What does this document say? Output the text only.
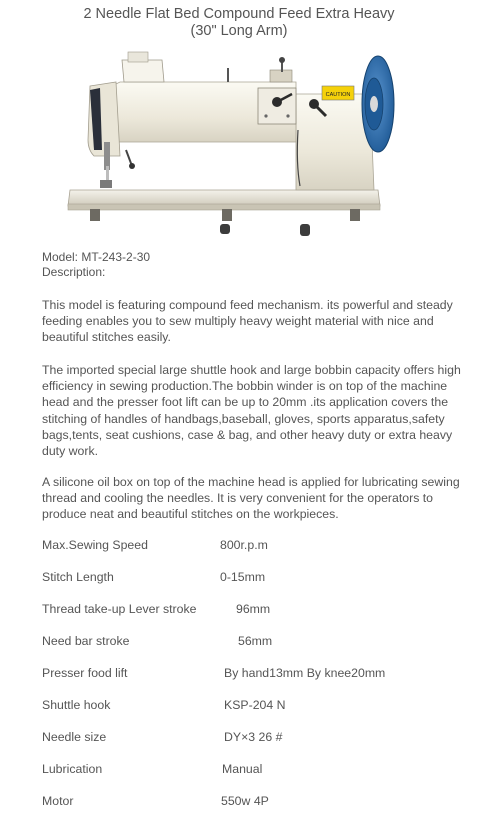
2 Needle Flat Bed Compound Feed Extra Heavy
(30" Long Arm)
CAUTION
Model: MT-243-2-30
Description:
This model is featuring compound feed mechanism. its powerful and steady feeding enables you to sew multiply heavy weight material with nice and beautiful stitches easily.
The imported special large shuttle hook and large bobbin capacity offers high efficiency in sewing production.The bobbin winder is on top of the machine head and the presser foot lift can be up to 20mm .its application covers the stitching of handles of handbags,baseball, gloves, sports apparatus,safety bags,tents, seat cushions, case & bag, and other heavy duty or extra heavy duty work.
A silicone oil box on top of the machine head is applied for lubricating sewing thread and cooling the needles. It is very convenient for the operators to produce neat and beautiful stitches on the workpieces.
Max.Sewing Speed	800r.p.m
Stitch Length	0-15mm
Thread take-up Lever stroke	96mm
Need bar stroke	56mm
Presser food lift	By hand13mm By knee20mm
Shuttle hook	KSP-204 N
Needle size	DY×3 26 #
Lubrication	Manual
Motor	550w 4P
